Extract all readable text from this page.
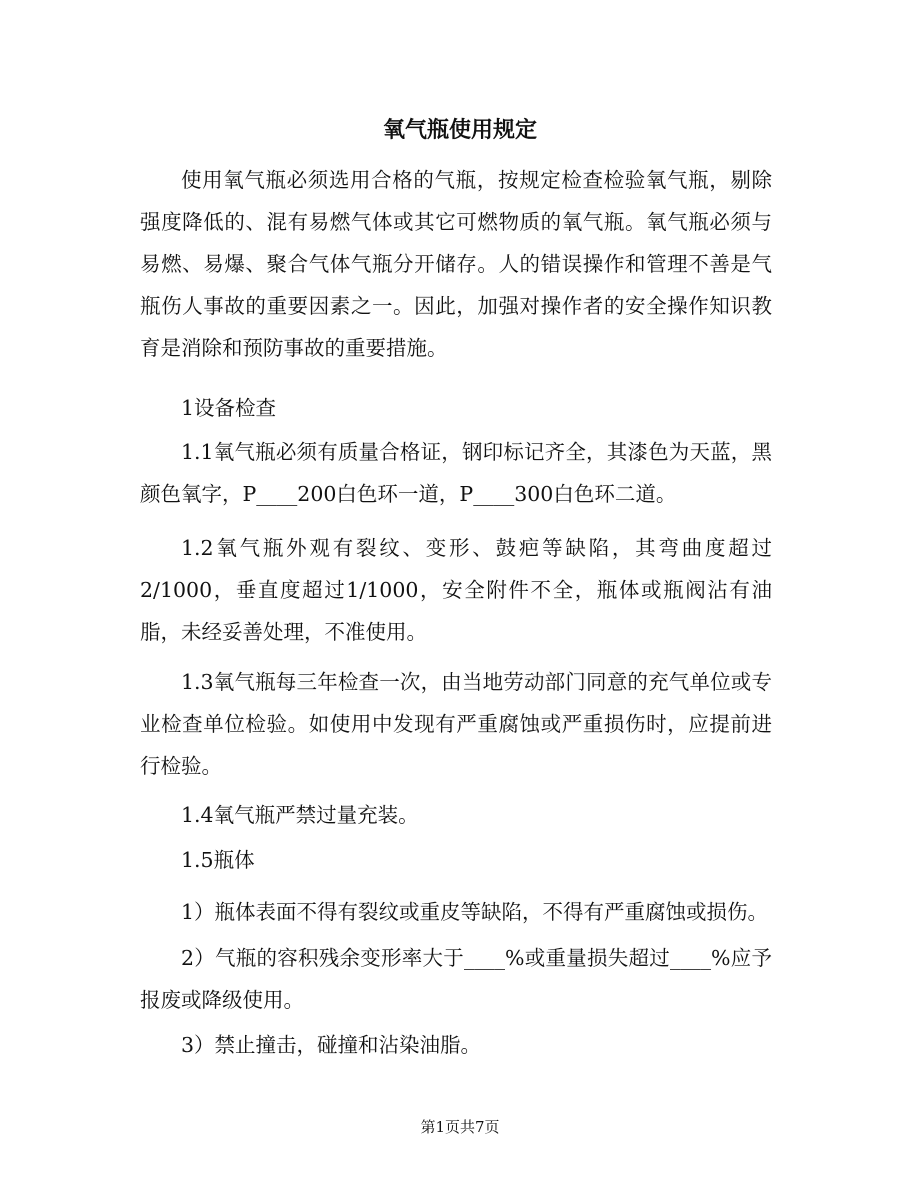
氧气瓶使用规定

使用氧气瓶必须选用合格的气瓶，按规定检查检验氧气瓶，剔除强度降低的、混有易燃气体或其它可燃物质的氧气瓶。氧气瓶必须与易燃、易爆、聚合气体气瓶分开储存。人的错误操作和管理不善是气瓶伤人事故的重要因素之一。因此，加强对操作者的安全操作知识教育是消除和预防事故的重要措施。

1设备检查

1.1氧气瓶必须有质量合格证，钢印标记齐全，其漆色为天蓝，黑颜色氧字，P____200白色环一道，P____300白色环二道。

1.2氧气瓶外观有裂纹、变形、鼓疤等缺陷，其弯曲度超过2/1000，垂直度超过1/1000，安全附件不全，瓶体或瓶阀沾有油脂，未经妥善处理，不准使用。

1.3氧气瓶每三年检查一次，由当地劳动部门同意的充气单位或专业检查单位检验。如使用中发现有严重腐蚀或严重损伤时，应提前进行检验。

1.4氧气瓶严禁过量充装。

1.5瓶体

1）瓶体表面不得有裂纹或重皮等缺陷，不得有严重腐蚀或损伤。

2）气瓶的容积残余变形率大于____%或重量损失超过____%应予报废或降级使用。

3）禁止撞击，碰撞和沾染油脂。

第1页共7页
